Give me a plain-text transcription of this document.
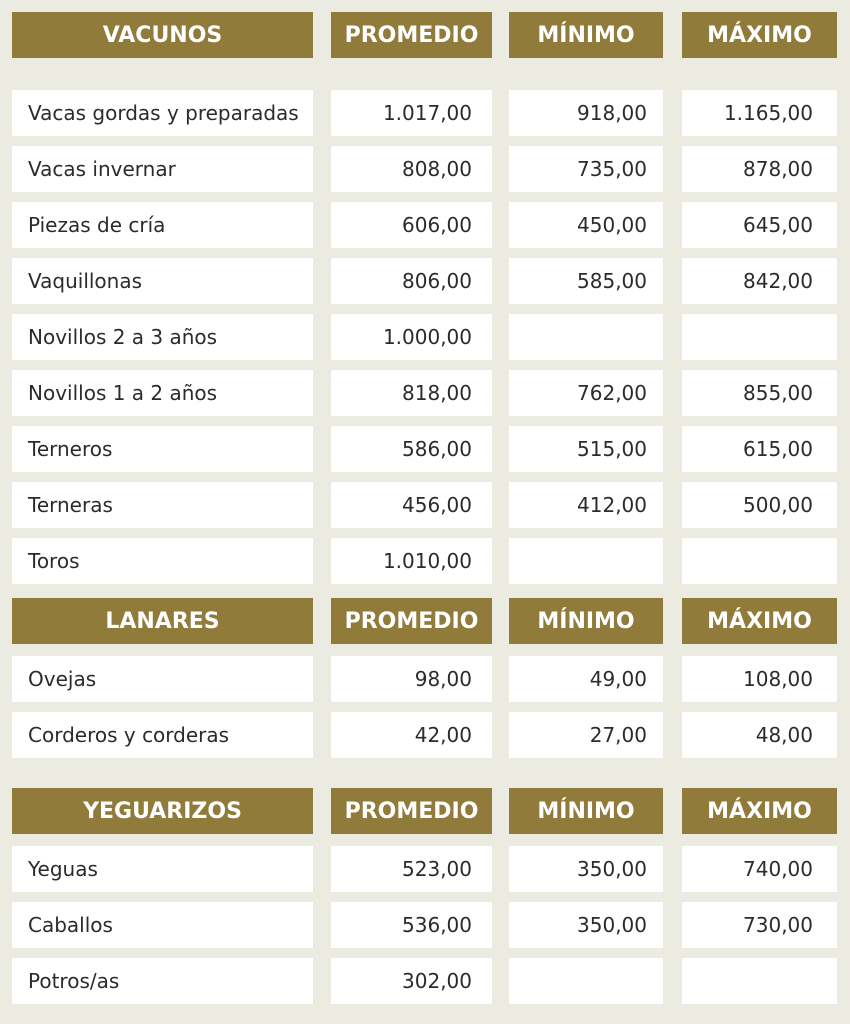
VACUNOS	PROMEDIO	MÍNIMO	MÁXIMO
Vacas gordas y preparadas	1.017,00	918,00	1.165,00
Vacas invernar	808,00	735,00	878,00
Piezas de cría	606,00	450,00	645,00
Vaquillonas	806,00	585,00	842,00
Novillos 2 a 3 años	1.000,00
Novillos 1 a 2 años	818,00	762,00	855,00
Terneros	586,00	515,00	615,00
Terneras	456,00	412,00	500,00
Toros	1.010,00
LANARES	PROMEDIO	MÍNIMO	MÁXIMO
Ovejas	98,00	49,00	108,00
Corderos y corderas	42,00	27,00	48,00
YEGUARIZOS	PROMEDIO	MÍNIMO	MÁXIMO
Yeguas	523,00	350,00	740,00
Caballos	536,00	350,00	730,00
Potros/as	302,00
